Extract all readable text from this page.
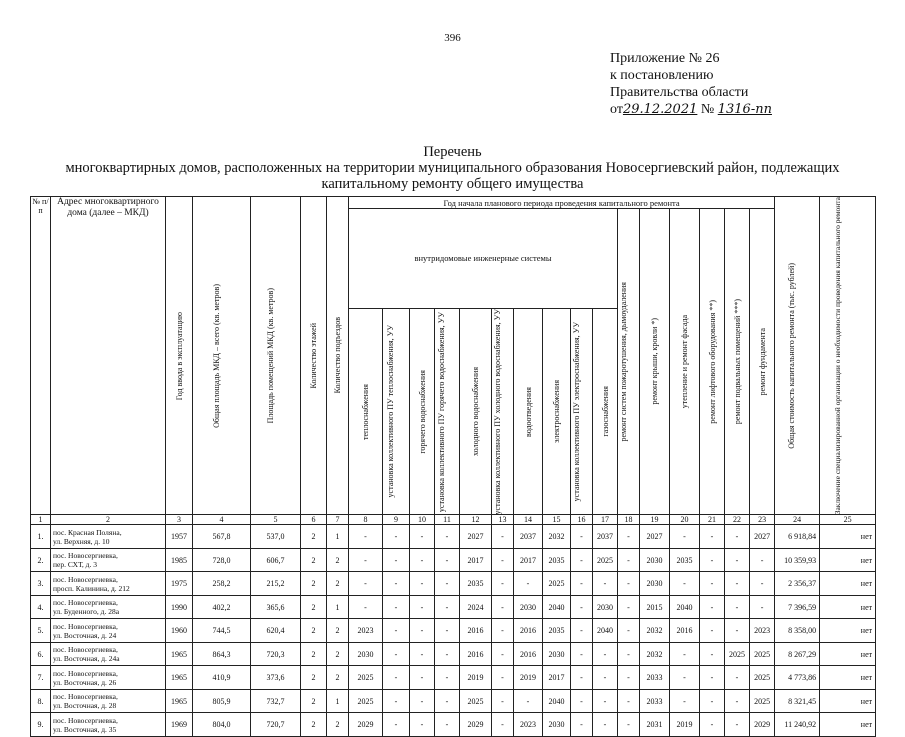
396
Приложение № 26
к постановлению
Правительства области
от29.12.2021 № 1316-пп
Перечень
многоквартирных домов, расположенных на территории муниципального образования Новосергиевский район, подлежащих
капитальному ремонту общего имущества
№ п/п	Адрес многоквартирного дома (далее – МКД)	Год ввода в эксплуатацию	Общая площадь МКД – всего (кв. метров)	Площадь помещений МКД (кв. метров)	Количество этажей	Количество подъездов	Год начала планового периода проведения капитального ремонта																Общая стоимость капитального ремонта (тыс. рублей)	Заключение специализированной организации о необходимости проведения капитального ремонта

							внутридомовые инженерные системы										ремонт систем пожаротушения, дымоудаления	ремонт крыши, кровли *)	утепление и ремонт фасада	ремонт лифтового оборудования **)	ремонт подвальных помещений ***)	ремонт фундамента		

							теплоснабжения	установка коллективного ПУ теплоснабжения, УУ	горячего водоснабжения	установка коллективного ПУ горячего водоснабжения, УУ	холодного водоснабжения	установка коллективного ПУ холодного водоснабжения, УУ	водоотведения	электроснабжения	установка коллективного ПУ электроснабжения, УУ	газоснабжения								

1	2	3	4	5	6	7	8	9	10	11	12	13	14	15	16	17	18	19	20	21	22	23	24	25
1.	пос. Красная Поляна,
ул. Верхняя, д. 10	1957	567,8	537,0	2	1	-	-	-	-	2027	-	2037	2032	-	2037	-	2027	-	-	-	2027	6 918,84	нет
2.	пос. Новосергиевка,
пер. СХТ, д. 3	1985	728,0	606,7	2	2	-	-	-	-	2017	-	2017	2035	-	2025	-	2030	2035	-	-	-	10 359,93	нет
3.	пос. Новосергиевка,
просп. Калинина, д. 212	1975	258,2	215,2	2	2	-	-	-	-	2035	-	-	2025	-	-	-	2030	-	-	-	-	2 356,37	нет
4.	пос. Новосергиевка,
ул. Буденного, д. 28а	1990	402,2	365,6	2	1	-	-	-	-	2024	-	2030	2040	-	2030	-	2015	2040	-	-	-	7 396,59	нет
5.	пос. Новосергиевка,
ул. Восточная, д. 24	1960	744,5	620,4	2	2	2023	-	-	-	2016	-	2016	2035	-	2040	-	2032	2016	-	-	2023	8 358,00	нет
6.	пос. Новосергиевка,
ул. Восточная, д. 24а	1965	864,3	720,3	2	2	2030	-	-	-	2016	-	2016	2030	-	-	-	2032	-	-	2025	2025	8 267,29	нет
7.	пос. Новосергиевка,
ул. Восточная, д. 26	1965	410,9	373,6	2	2	2025	-	-	-	2019	-	2019	2017	-	-	-	2033	-	-	-	2025	4 773,86	нет
8.	пос. Новосергиевка,
ул. Восточная, д. 28	1965	805,9	732,7	2	1	2025	-	-	-	2025	-	-	2040	-	-	-	2033	-	-	-	2025	8 321,45	нет
9.	пос. Новосергиевка,
ул. Восточная, д. 35	1969	804,0	720,7	2	2	2029	-	-	-	2029	-	2023	2030	-	-	-	2031	2019	-	-	2029	11 240,92	нет
